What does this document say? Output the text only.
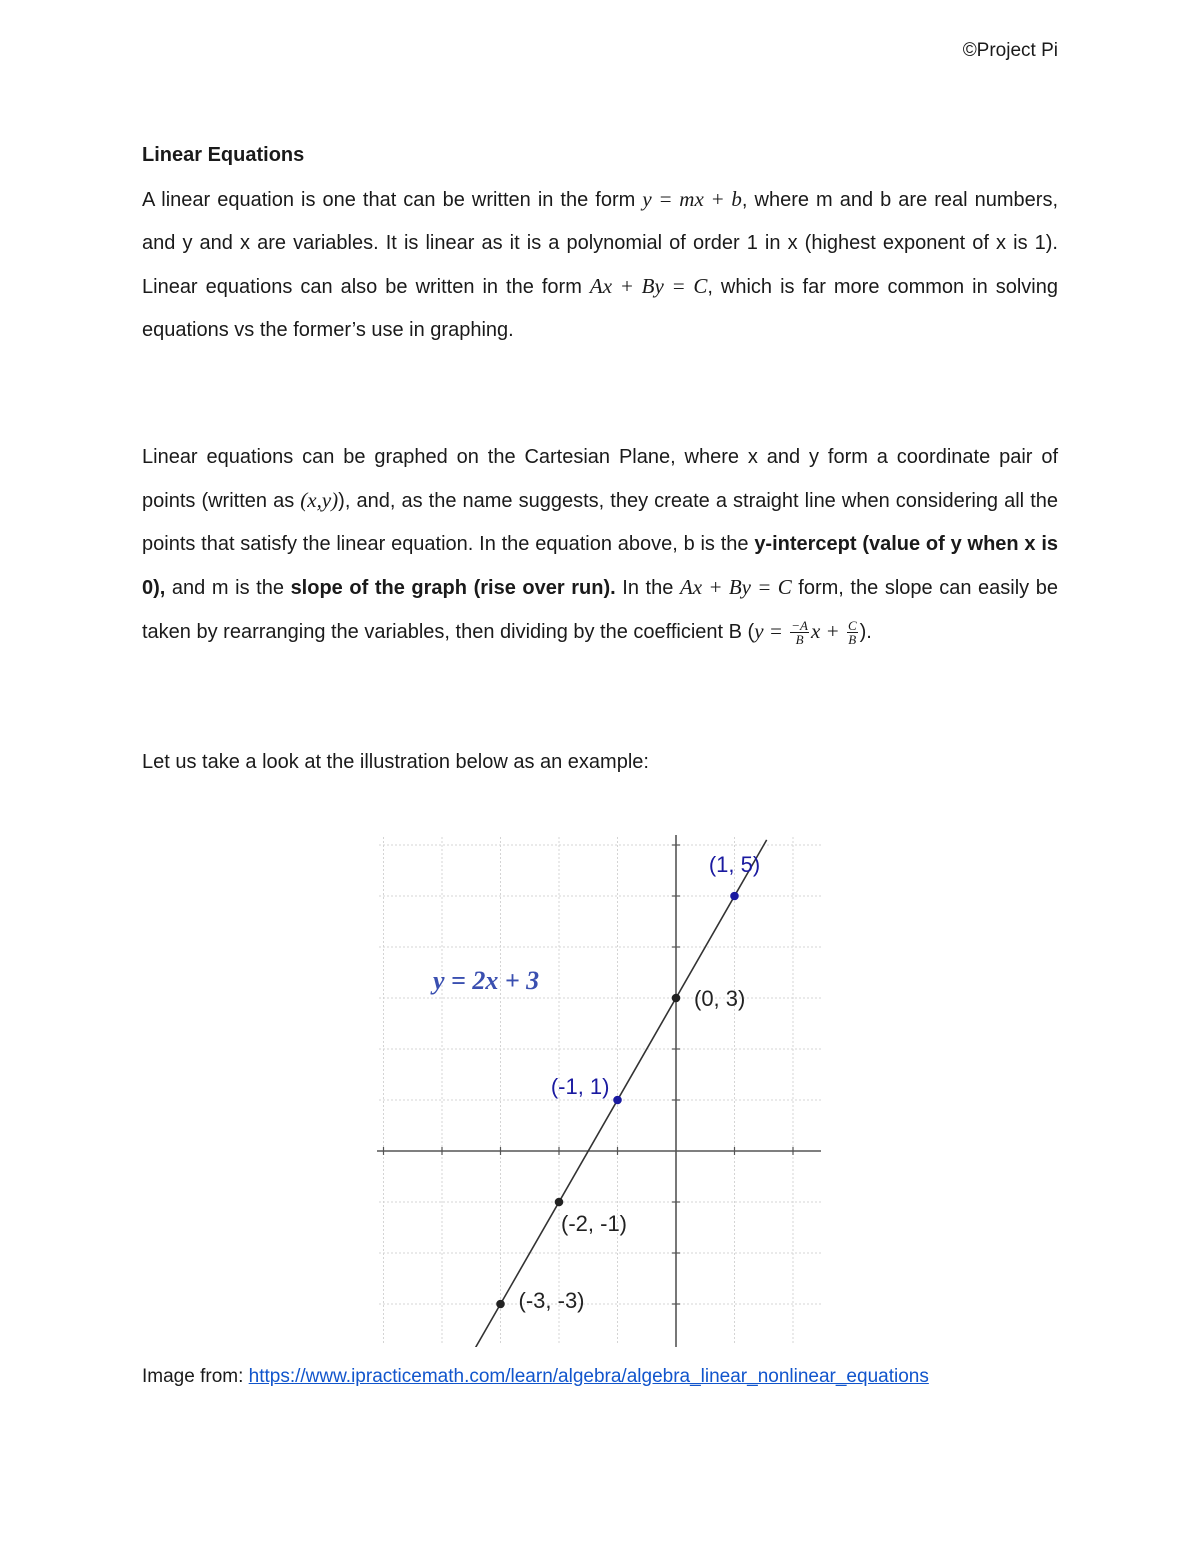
©Project Pi
Linear Equations

A linear equation is one that can be written in the form y = mx + b, where m and b are real numbers, and y and x are variables. It is linear as it is a polynomial of order 1 in x (highest exponent of x is 1). Linear equations can also be written in the form Ax + By = C, which is far more common in solving equations vs the former’s use in graphing.

Linear equations can be graphed on the Cartesian Plane, where x and y form a coordinate pair of points (written as (x,y)), and, as the name suggests, they create a straight line when considering all the points that satisfy the linear equation. In the equation above, b is the y-intercept (value of y when x is 0), and m is the slope of the graph (rise over run). In the Ax + By = C form, the slope can easily be taken by rearranging the variables, then dividing by the coefficient B ($y = \frac{-A}{B}$ $x + \frac{C}{B}$ ).

Let us take a look at the illustration below as an example:

(1, 5)
(0, 3)
(-1, 1)
(-2, -1)
(-3, -3)
y = 2x + 3
Image from: https://www.ipracticemath.com/learn/algebra/algebra_linear_nonlinear_equations
